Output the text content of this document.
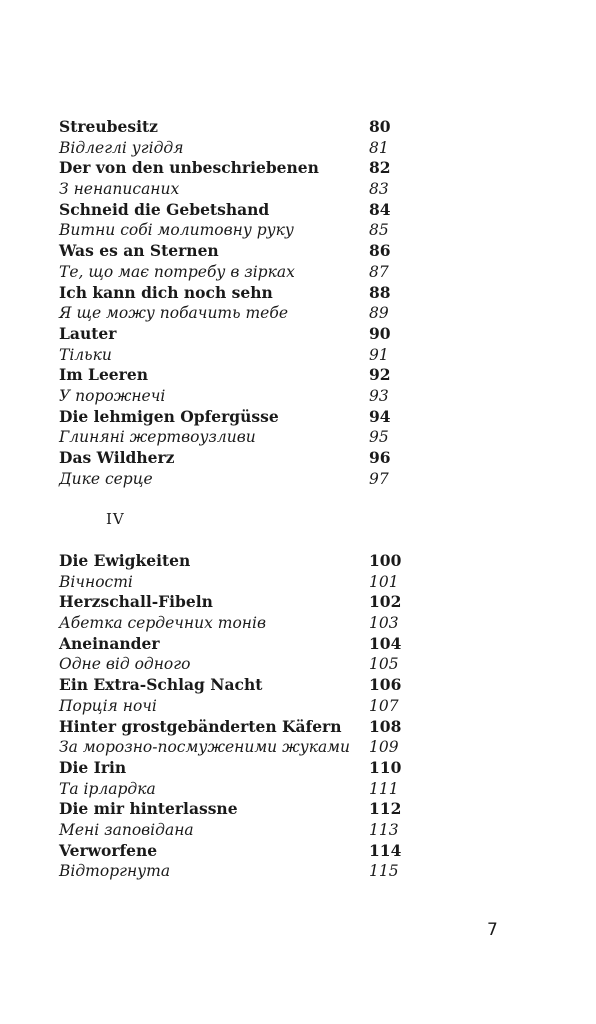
Streubesitz	80
Відлеглі угіддя	81
Der von den unbeschriebenen	82
З ненаписаних	83
Schneid die Gebetshand	84
Витни собі молитовну руку	85
Was es an Sternen	86
Те, що має потребу в зірках	87
Ich kann dich noch sehn	88
Я ще можу побачить тебе	89
Lauter	90
Тільки	91
Im Leeren	92
У порожнечі	93
Die lehmigen Opfergüsse	94
Глиняні жертвоузливи	95
Das Wildherz	96
Дике серце	97
IV
Die Ewigkeiten	100
Вічності	101
Herzschall-Fibeln	102
Абетка сердечних тонів	103
Aneinander	104
Одне від одного	105
Ein Extra-Schlag Nacht	106
Порція ночі	107
Hinter grostgebänderten Käfern 108
За морозно-посмуженими жуками 109
Die Irin	110
Та ірлардка	111
Die mir hinterlassne	112
Мені заповідана	113
Verworfene	114
Відторгнута	115
7
